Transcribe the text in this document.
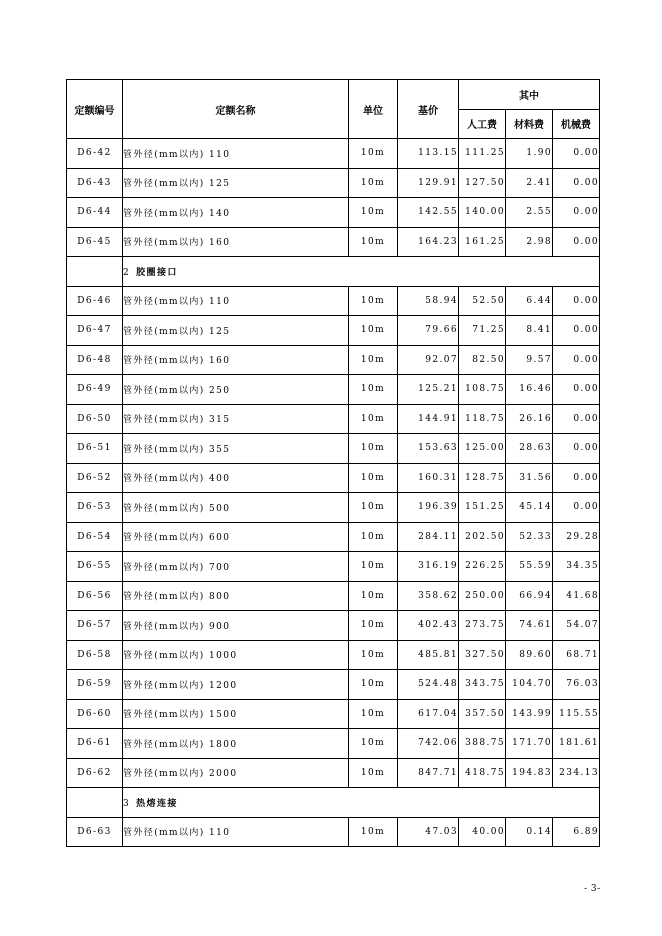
定额编号	定额名称	单位	基价	其中		
				人工费	材料费	机械费
D6-42	管外径(mm以内) 110	10m	113.15	111.25	1.90	0.00
D6-43	管外径(mm以内) 125	10m	129.91	127.50	2.41	0.00
D6-44	管外径(mm以内) 140	10m	142.55	140.00	2.55	0.00
D6-45	管外径(mm以内) 160	10m	164.23	161.25	2.98	0.00
	2 胶圈接口					
D6-46	管外径(mm以内) 110	10m	58.94	52.50	6.44	0.00
D6-47	管外径(mm以内) 125	10m	79.66	71.25	8.41	0.00
D6-48	管外径(mm以内) 160	10m	92.07	82.50	9.57	0.00
D6-49	管外径(mm以内) 250	10m	125.21	108.75	16.46	0.00
D6-50	管外径(mm以内) 315	10m	144.91	118.75	26.16	0.00
D6-51	管外径(mm以内) 355	10m	153.63	125.00	28.63	0.00
D6-52	管外径(mm以内) 400	10m	160.31	128.75	31.56	0.00
D6-53	管外径(mm以内) 500	10m	196.39	151.25	45.14	0.00
D6-54	管外径(mm以内) 600	10m	284.11	202.50	52.33	29.28
D6-55	管外径(mm以内) 700	10m	316.19	226.25	55.59	34.35
D6-56	管外径(mm以内) 800	10m	358.62	250.00	66.94	41.68
D6-57	管外径(mm以内) 900	10m	402.43	273.75	74.61	54.07
D6-58	管外径(mm以内) 1000	10m	485.81	327.50	89.60	68.71
D6-59	管外径(mm以内) 1200	10m	524.48	343.75	104.70	76.03
D6-60	管外径(mm以内) 1500	10m	617.04	357.50	143.99	115.55
D6-61	管外径(mm以内) 1800	10m	742.06	388.75	171.70	181.61
D6-62	管外径(mm以内) 2000	10m	847.71	418.75	194.83	234.13
	3 热熔连接					
D6-63	管外径(mm以内) 110	10m	47.03	40.00	0.14	6.89
- 3-
